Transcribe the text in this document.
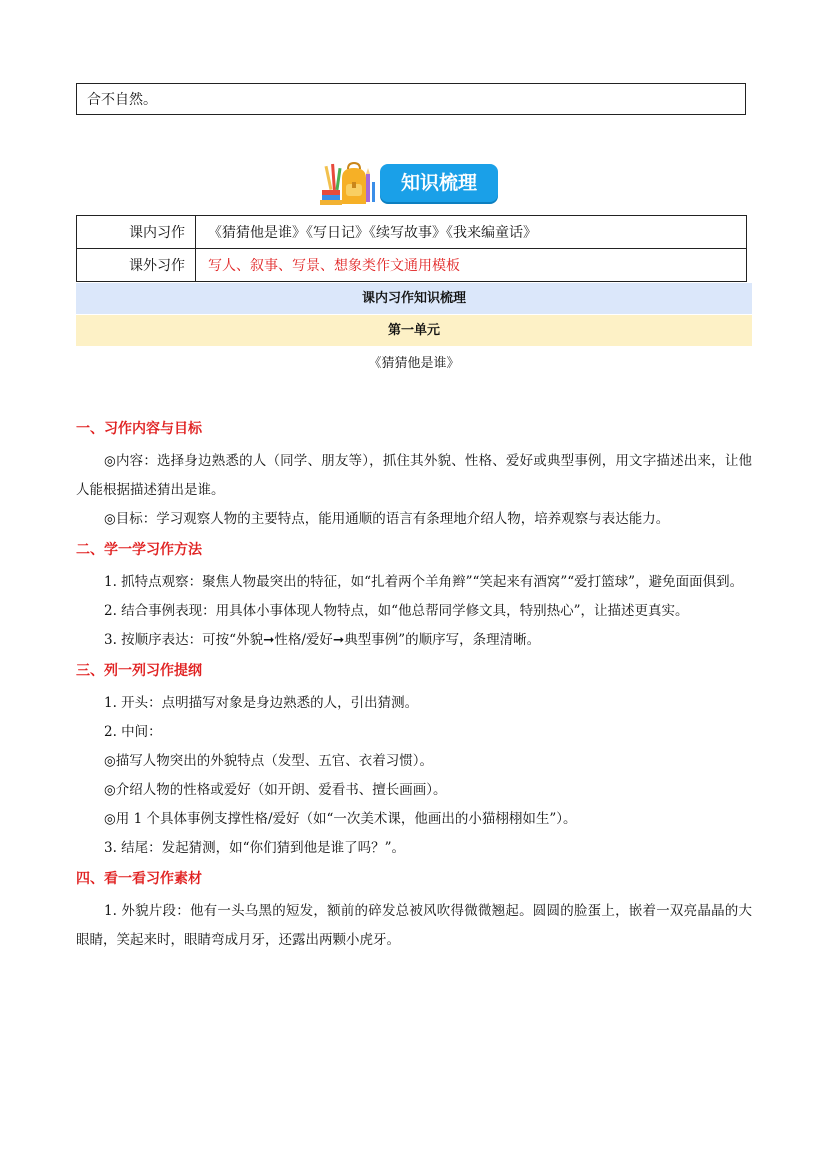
合不自然。
知识梳理
课内习作	《猜猜他是谁》《写日记》《续写故事》《我来编童话》
课外习作	写人、叙事、写景、想象类作文通用模板
课内习作知识梳理
第一单元
《猜猜他是谁》
一、习作内容与目标

◎内容：选择身边熟悉的人（同学、朋友等），抓住其外貌、性格、爱好或典型事例，用文字描述出来，让他人能根据描述猜出是谁。

◎目标：学习观察人物的主要特点，能用通顺的语言有条理地介绍人物，培养观察与表达能力。

二、学一学习作方法

1. 抓特点观察：聚焦人物最突出的特征，如“扎着两个羊角辫”“笑起来有酒窝”“爱打篮球”，避免面面俱到。

2. 结合事例表现：用具体小事体现人物特点，如“他总帮同学修文具，特别热心”，让描述更真实。

3. 按顺序表达：可按“外貌➞性格/爱好➞典型事例”的顺序写，条理清晰。

三、列一列习作提纲

1. 开头：点明描写对象是身边熟悉的人，引出猜测。

2. 中间：

◎描写人物突出的外貌特点（发型、五官、衣着习惯）。

◎介绍人物的性格或爱好（如开朗、爱看书、擅长画画）。

◎用 1 个具体事例支撑性格/爱好（如“一次美术课，他画出的小猫栩栩如生”）。

3. 结尾：发起猜测，如“你们猜到他是谁了吗？”。

四、看一看习作素材

1. 外貌片段：他有一头乌黑的短发，额前的碎发总被风吹得微微翘起。圆圆的脸蛋上，嵌着一双亮晶晶的大眼睛，笑起来时，眼睛弯成月牙，还露出两颗小虎牙。
